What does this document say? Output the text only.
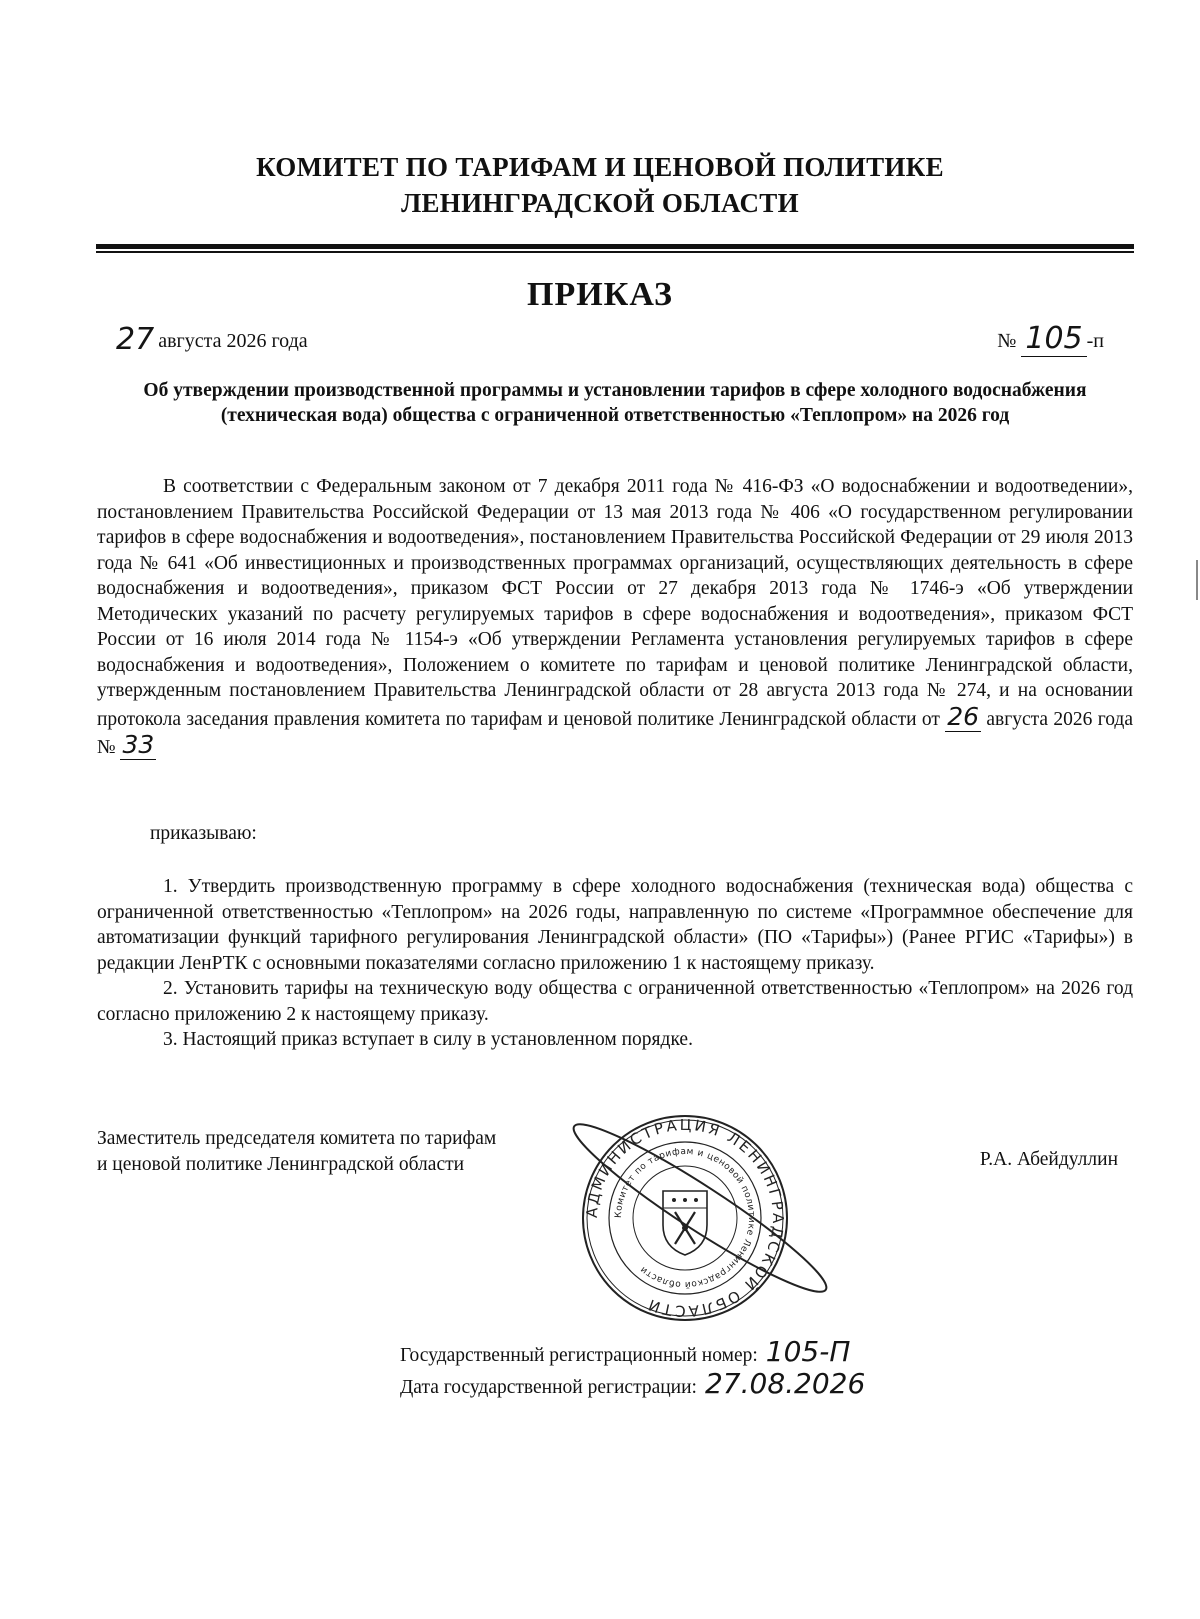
КОМИТЕТ ПО ТАРИФАМ И ЦЕНОВОЙ ПОЛИТИКЕ
ЛЕНИНГРАДСКОЙ ОБЛАСТИ
ПРИКАЗ
27 августа 2026 года	№ 105 -п
Об утверждении производственной программы и установлении тарифов в сфере холодного водоснабжения (техническая вода) общества с ограниченной ответственностью «Теплопром» на 2026 год
В соответствии с Федеральным законом от 7 декабря 2011 года № 416-ФЗ «О водоснабжении и водоотведении», постановлением Правительства Российской Федерации от 13 мая 2013 года № 406 «О государственном регулировании тарифов в сфере водоснабжения и водоотведения», постановлением Правительства Российской Федерации от 29 июля 2013 года № 641 «Об инвестиционных и производственных программах организаций, осуществляющих деятельность в сфере водоснабжения и водоотведения», приказом ФСТ России от 27 декабря 2013 года № 1746-э «Об утверждении Методических указаний по расчету регулируемых тарифов в сфере водоснабжения и водоотведения», приказом ФСТ России от 16 июля 2014 года № 1154-э «Об утверждении Регламента установления регулируемых тарифов в сфере водоснабжения и водоотведения», Положением о комитете по тарифам и ценовой политике Ленинградской области, утвержденным постановлением Правительства Ленинградской области от 28 августа 2013 года № 274, и на основании протокола заседания правления комитета по тарифам и ценовой политике Ленинградской области от 26 августа 2026 года № 33
приказываю:

1. Утвердить производственную программу в сфере холодного водоснабжения (техническая вода) общества с ограниченной ответственностью «Теплопром» на 2026 годы, направленную по системе «Программное обеспечение для автоматизации функций тарифного регулирования Ленинградской области» (ПО «Тарифы») (Ранее РГИС «Тарифы») в редакции ЛенРТК с основными показателями согласно приложению 1 к настоящему приказу.

2. Установить тарифы на техническую воду общества с ограниченной ответственностью «Теплопром» на 2026 год согласно приложению 2 к настоящему приказу.

3. Настоящий приказ вступает в силу в установленном порядке.

Заместитель председателя комитета по тарифам
и ценовой политике Ленинградской области
АДМИНИСТРАЦИЯ ЛЕНИНГРАДСКОЙ ОБЛАСТИ
Комитет по тарифам и ценовой политике Ленинградской области
Р.А. Абейдуллин
Государственный регистрационный номер: 105-П
Дата государственной регистрации: 27.08.2026
